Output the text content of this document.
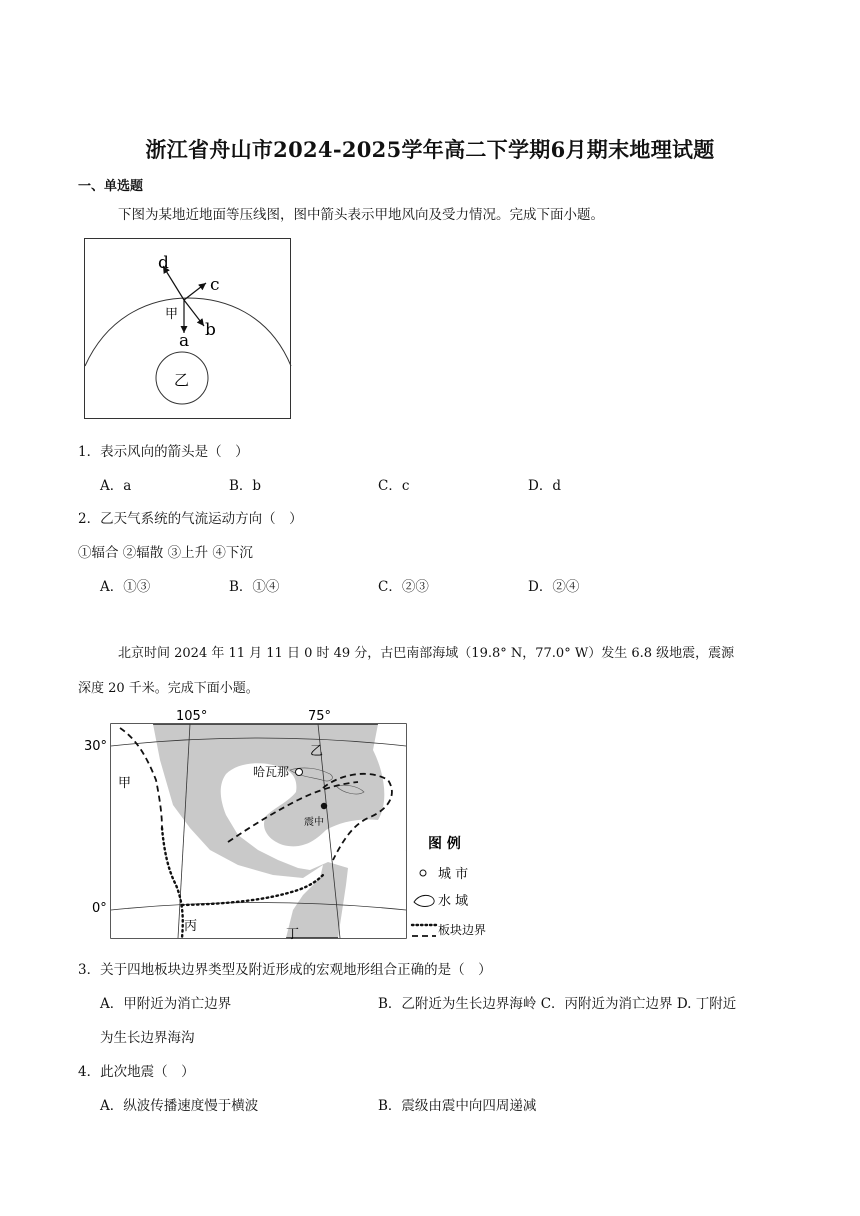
浙江省舟山市2024-2025学年高二下学期6月期末地理试题
一、单选题
下图为某地近地面等压线图，图中箭头表示甲地风向及受力情况。完成下面小题。
d
c
b
a
甲
乙
1．表示风向的箭头是（　）
A．a	B．b	C．c	D．d
2．乙天气系统的气流运动方向（　）
①辐合 ②辐散 ③上升 ④下沉
A．①③	B．①④	C．②③	D．②④
北京时间 2024 年 11 月 11 日 0 时 49 分，古巴南部海域（19.8° N，77.0° W）发生 6.8 级地震，震源
深度 20 千米。完成下面小题。
105°	75°
30°
0°
甲
乙
丙
丁
哈瓦那
震中
图 例
城 市
水 域
板块边界
3．关于四地板块边界类型及附近形成的宏观地形组合正确的是（　）
A．甲附近为消亡边界	B．乙附近为生长边界海岭 C．丙附近为消亡边界 D. 丁附近
为生长边界海沟
4．此次地震（　）
A．纵波传播速度慢于横波	B．震级由震中向四周递减
